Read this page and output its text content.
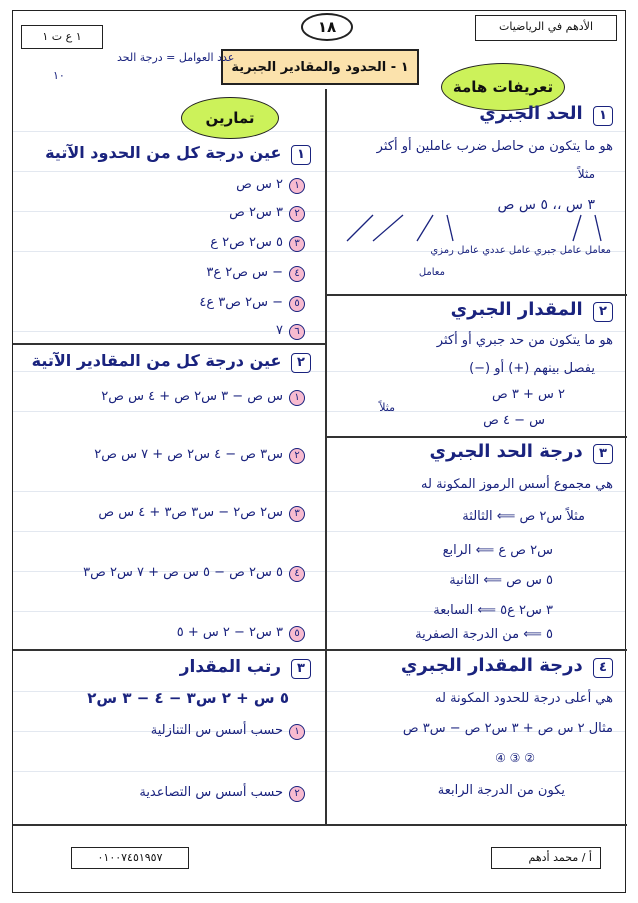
الأدهم في الرياضيات
١٨
١ ع ت ١
١ - الحدود والمقادير الجبرية
عدد العوامل = درجة الحد
١٠
تعريفات هامة
تمارين	١ الحد الجبري
هو ما يتكون من حاصل ضرب عاملين أو أكثر
مثلاً
٣ س ،، ٥ س ص
معامل عامل جبري عامل عددي عامل رمزي
معامل
٢ المقدار الجبري
هو ما يتكون من حد جبري أو أكثر
يفصل بينهم (+) أو (−)
٢ س + ٣ ص
مثلاً
س − ٤ ص
٣ درجة الحد الجبري
هي مجموع أسس الرموز المكونة له
مثلاً س٢ ص ⟸ الثالثة
س٢ ص ع ⟸ الرابع
٥ س ص ⟸ الثانية
٣ س٢ ع٥ ⟸ السابعة
٥ ⟸ من الدرجة الصفرية
٤ درجة المقدار الجبري
هي أعلى درجة للحدود المكونة له
مثال ٢ س ص + ٣ س٢ ص − س٣ ص
② ③ ④
يكون من الدرجة الرابعة
١ عين درجة كل من الحدود الآتية
١٢ س ص
٢٣ س٢ ص
٣٥ س٢ ص٢ ع
٤− س ص٢ ع٣
٥− س٢ ص٣ ع٤
٦٧
٢ عين درجة كل من المقادير الآتية
١س ص − ٣ س٢ ص + ٤ س ص٢
٢س٣ ص − ٤ س٢ ص + ٧ س ص٢
٣س٢ ص٢ − س٣ ص٣ + ٤ س ص
٤٥ س٢ ص − ٥ س ص + ٧ س٢ ص٣
٥٣ س٢ − ٢ س + ٥
٣ رتب المقدار
٥ س + ٢ س٣ − ٤ − ٣ س٢
١حسب أسس س التنازلية
٢حسب أسس س التصاعدية
أ / محمد أدهم
٠١٠٠٧٤٥١٩٥٧
